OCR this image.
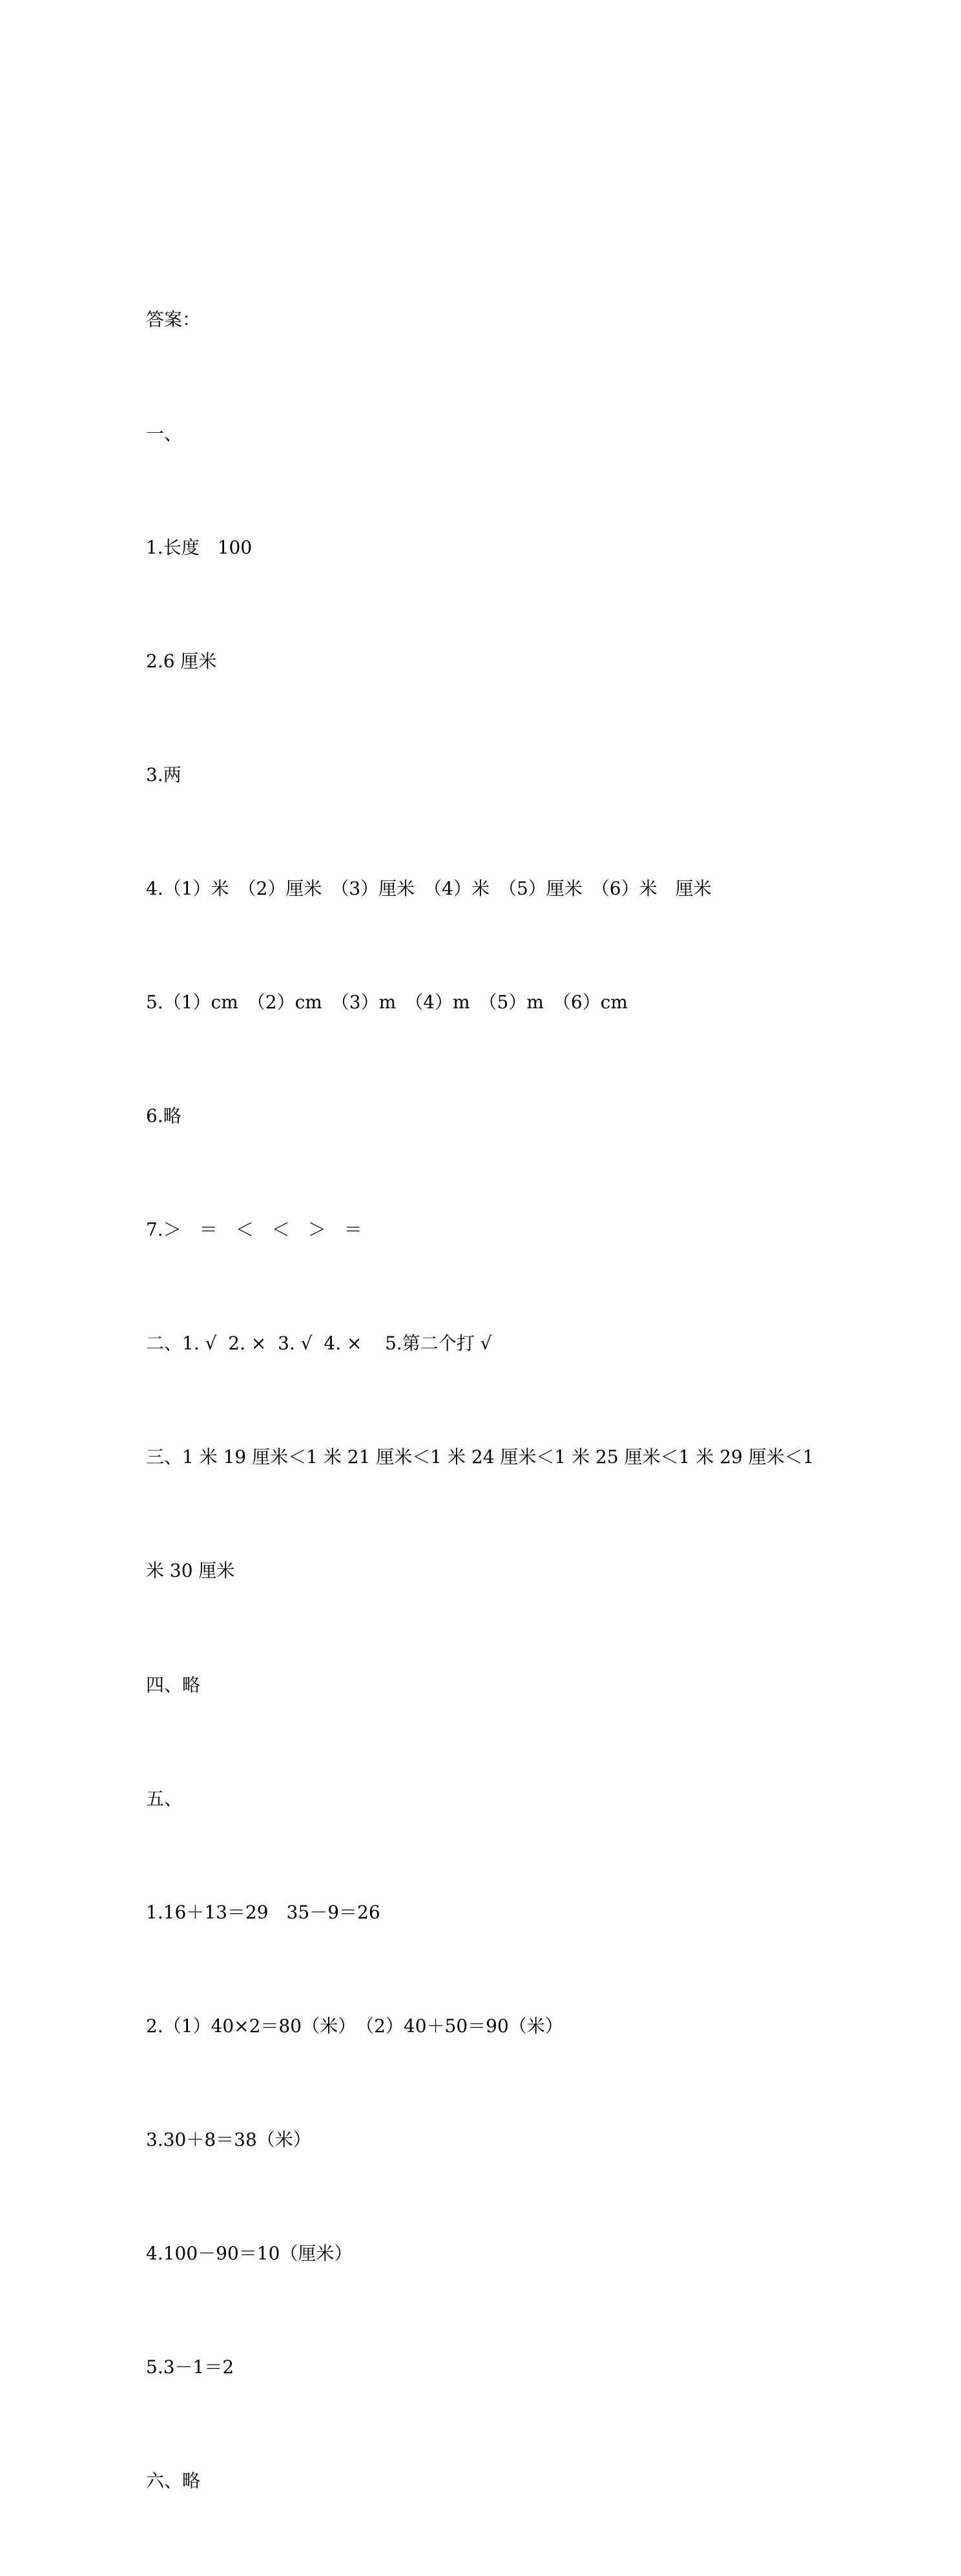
答案：

一、

1.长度　100

2.6 厘米

3.两

4.（1）米　（2）厘米　（3）厘米　（4）米　（5）厘米　（6）米　厘米

5.（1）cm　（2）cm　（3）m　（4）m　（5）m　（6）cm

6.略

7.＞　＝　＜　＜　＞　＝

二、1. √  2. ×  3. √  4. ×    5.第二个打 √

三、1 米 19 厘米＜1 米 21 厘米＜1 米 24 厘米＜1 米 25 厘米＜1 米 29 厘米＜1

米 30 厘米

四、略

五、

1.16＋13＝29　35－9＝26

2.（1）40×2＝80（米）　（2）40＋50＝90（米）

3.30＋8＝38（米）

4.100－90＝10（厘米）

5.3－1＝2

六、略
